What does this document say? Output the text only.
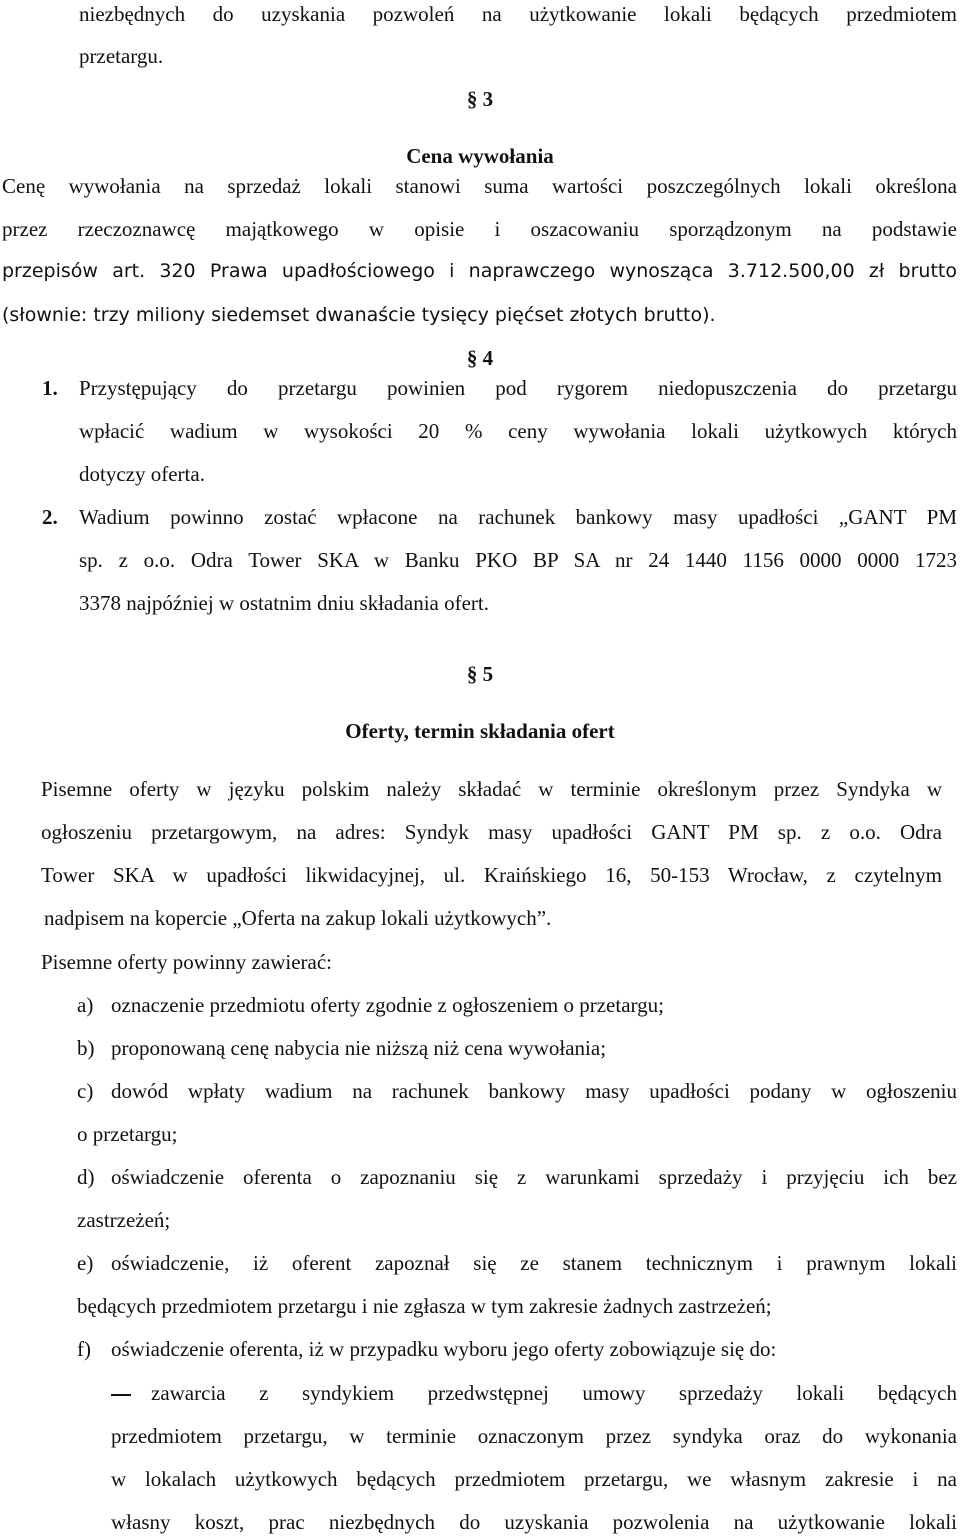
niezbędnych do uzyskania pozwoleń na użytkowanie lokali będących przedmiotem
przetargu.
§ 3
Cena wywołania
Cenę wywołania na sprzedaż lokali stanowi suma wartości poszczególnych lokali określona
przez rzeczoznawcę majątkowego w opisie i oszacowaniu sporządzonym na podstawie
przepisów art. 320 Prawa upadłościowego i naprawczego wynosząca 3.712.500,00 zł brutto
(słownie: trzy miliony siedemset dwanaście tysięcy pięćset złotych brutto).
§ 4
1. Przystępujący do przetargu powinien pod rygorem niedopuszczenia do przetargu
wpłacić wadium w wysokości 20 % ceny wywołania lokali użytkowych których
dotyczy oferta.
2. Wadium powinno zostać wpłacone na rachunek bankowy masy upadłości „GANT PM
sp. z o.o. Odra Tower SKA w Banku PKO BP SA nr 24 1440 1156 0000 0000 1723
3378 najpóźniej w ostatnim dniu składania ofert.
§ 5
Oferty, termin składania ofert
Pisemne oferty w języku polskim należy składać w terminie określonym przez Syndyka w
ogłoszeniu przetargowym, na adres: Syndyk masy upadłości GANT PM sp. z o.o. Odra
Tower SKA w upadłości likwidacyjnej, ul. Kraińskiego 16, 50-153 Wrocław, z czytelnym
nadpisem na kopercie „Oferta na zakup lokali użytkowych”.
Pisemne oferty powinny zawierać:
a) oznaczenie przedmiotu oferty zgodnie z ogłoszeniem o przetargu;
b) proponowaną cenę nabycia nie niższą niż cena wywołania;
c) dowód wpłaty wadium na rachunek bankowy masy upadłości podany w ogłoszeniu
o przetargu;
d) oświadczenie oferenta o zapoznaniu się z warunkami sprzedaży i przyjęciu ich bez
zastrzeżeń;
e) oświadczenie, iż oferent zapoznał się ze stanem technicznym i prawnym lokali
będących przedmiotem przetargu i nie zgłasza w tym zakresie żadnych zastrzeżeń;
f) oświadczenie oferenta, iż w przypadku wyboru jego oferty zobowiązuje się do:
zawarcia z syndykiem przedwstępnej umowy sprzedaży lokali będących
przedmiotem przetargu, w terminie oznaczonym przez syndyka oraz do wykonania
w lokalach użytkowych będących przedmiotem przetargu, we własnym zakresie i na
własny koszt, prac niezbędnych do uzyskania pozwolenia na użytkowanie lokali
